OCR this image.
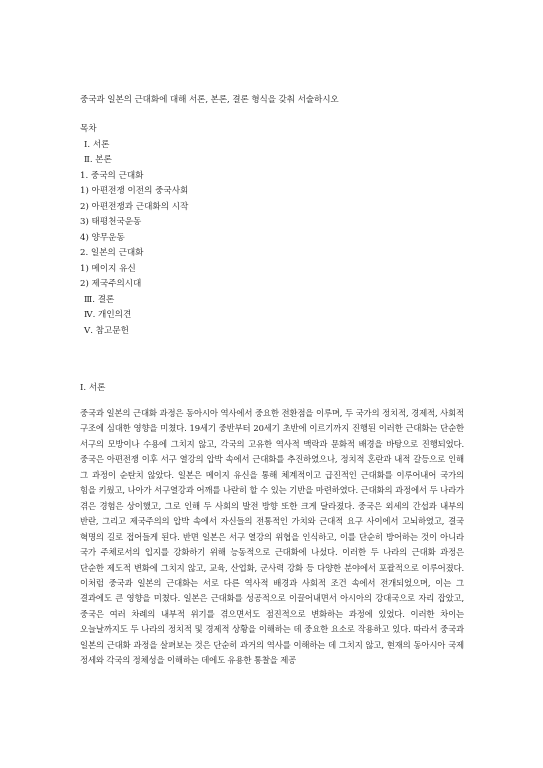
중국과 일본의 근대화에 대해 서론, 본론, 결론 형식을 갖춰 서술하시오
목차
Ⅰ. 서론
Ⅱ. 본론
1. 중국의 근대화
1) 아편전쟁 이전의 중국사회
2) 아편전쟁과 근대화의 시작
3) 태평천국운동
4) 양무운동
2. 일본의 근대화
1) 메이지 유신
2) 제국주의시대
Ⅲ. 결론
Ⅳ. 개인의견
Ⅴ. 참고문헌
Ⅰ. 서론
중국과 일본의 근대화 과정은 동아시아 역사에서 중요한 전환점을 이루며, 두 국가의 정치적, 경제적, 사회적 구조에 심대한 영향을 미쳤다. 19세기 중반부터 20세기 초반에 이르기까지 진행된 이러한 근대화는 단순한 서구의 모방이나 수용에 그치지 않고, 각국의 고유한 역사적 맥락과 문화적 배경을 바탕으로 진행되었다. 중국은 아편전쟁 이후 서구 열강의 압박 속에서 근대화를 추진하였으나, 정치적 혼란과 내적 갈등으로 인해 그 과정이 순탄치 않았다. 일본은 메이지 유신을 통해 체계적이고 급진적인 근대화를 이루어내어 국가의 힘을 키웠고, 나아가 서구열강과 어깨를 나란히 할 수 있는 기반을 마련하였다. 근대화의 과정에서 두 나라가 겪은 경험은 상이했고, 그로 인해 두 사회의 발전 방향 또한 크게 달라졌다. 중국은 외세의 간섭과 내부의 반란, 그리고 제국주의의 압박 속에서 자신들의 전통적인 가치와 근대적 요구 사이에서 고뇌하였고, 결국 혁명의 길로 접어들게 된다. 반면 일본은 서구 열강의 위협을 인식하고, 이를 단순히 방어하는 것이 아니라 국가 주체로서의 입지를 강화하기 위해 능동적으로 근대화에 나섰다. 이러한 두 나라의 근대화 과정은 단순한 제도적 변화에 그치지 않고, 교육, 산업화, 군사력 강화 등 다양한 분야에서 포괄적으로 이루어졌다. 이처럼 중국과 일본의 근대화는 서로 다른 역사적 배경과 사회적 조건 속에서 전개되었으며, 이는 그 결과에도 큰 영향을 미쳤다. 일본은 근대화를 성공적으로 이끌어내면서 아시아의 강대국으로 자리 잡았고, 중국은 여러 차례의 내부적 위기를 겪으면서도 점진적으로 변화하는 과정에 있었다. 이러한 차이는 오늘날까지도 두 나라의 정치적 및 경제적 상황을 이해하는 데 중요한 요소로 작용하고 있다. 따라서 중국과 일본의 근대화 과정을 살펴보는 것은 단순히 과거의 역사를 이해하는 데 그치지 않고, 현재의 동아시아 국제 정세와 각국의 정체성을 이해하는 데에도 유용한 통찰을 제공
